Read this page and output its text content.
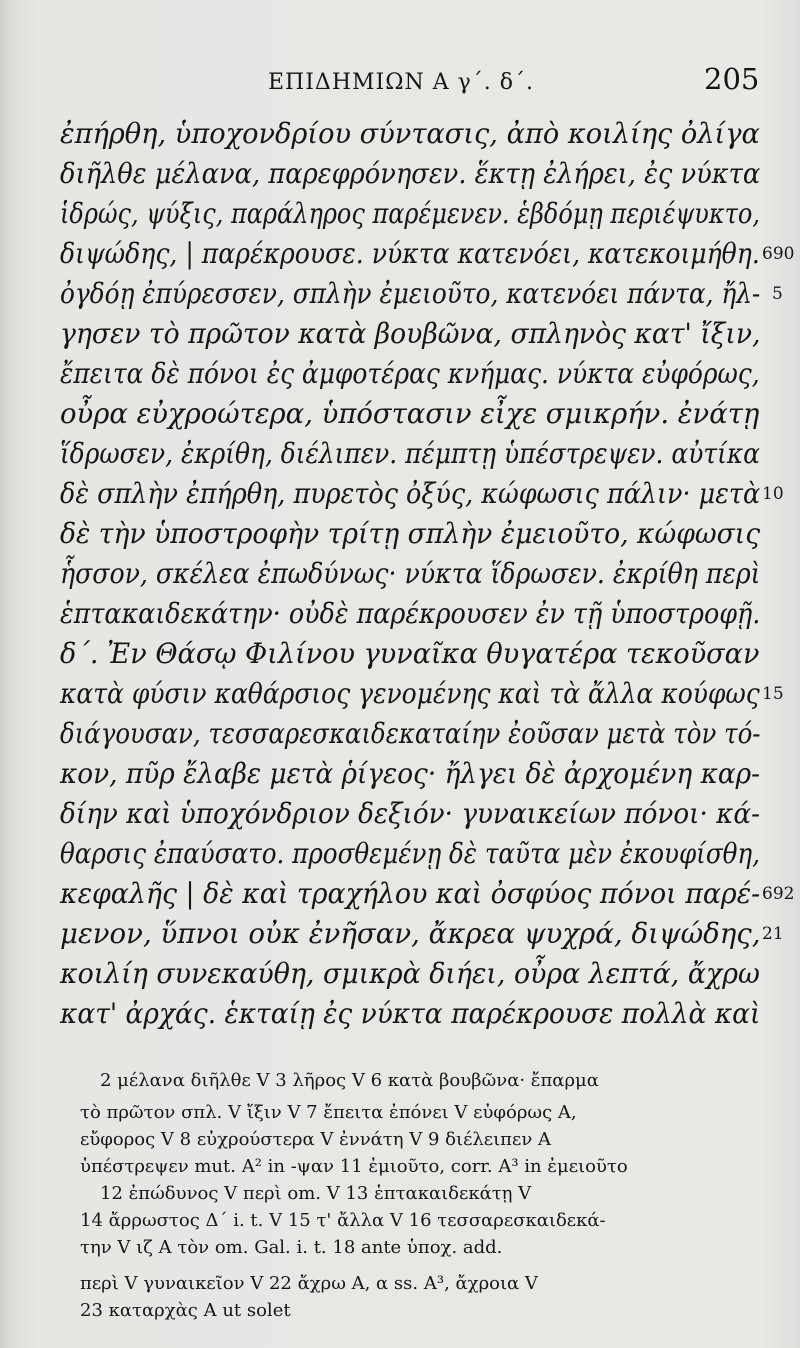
ΕΠΙΔΗΜΙΩΝ Α γ΄. δ΄.	205
ἐπήρθη, ὑποχονδρίου σύντασις, ἀπὸ κοιλίης ὀλίγα
διῆλθε μέλανα, παρεφρόνησεν. ἕκτῃ ἐλήρει, ἐς νύκτα
ἱδρώς, ψύξις, παράληρος παρέμενεν. ἑβδόμῃ περιέψυκτο,
διψώδης, | παρέκρουσε. νύκτα κατενόει, κατεκοιμήθη.
ὀγδόῃ ἐπύρεσσεν, σπλὴν ἐμειοῦτο, κατενόει πάντα, ἤλ-
γησεν τὸ πρῶτον κατὰ βουβῶνα, σπληνὸς κατ' ἴξιν,
ἔπειτα δὲ πόνοι ἐς ἀμφοτέρας κνήμας. νύκτα εὐφόρως,
οὖρα εὐχροώτερα, ὑπόστασιν εἶχε σμικρήν. ἐνάτῃ
ἵδρωσεν, ἐκρίθη, διέλιπεν. πέμπτῃ ὑπέστρεψεν. αὐτίκα
δὲ σπλὴν ἐπήρθη, πυρετὸς ὀξύς, κώφωσις πάλιν· μετὰ
δὲ τὴν ὑποστροφὴν τρίτῃ σπλὴν ἐμειοῦτο, κώφωσις
ἧσσον, σκέλεα ἐπωδύνως· νύκτα ἵδρωσεν. ἐκρίθη περὶ
ἑπτακαιδεκάτην· οὐδὲ παρέκρουσεν ἐν τῇ ὑποστροφῇ.
δ΄. Ἐν Θάσῳ Φιλίνου γυναῖκα θυγατέρα τεκοῦσαν
κατὰ φύσιν καθάρσιος γενομένης καὶ τὰ ἄλλα κούφως
διάγουσαν, τεσσαρεσκαιδεκαταίην ἐοῦσαν μετὰ τὸν τό-
κον, πῦρ ἔλαβε μετὰ ῥίγεος· ἤλγει δὲ ἀρχομένη καρ-
δίην καὶ ὑποχόνδριον δεξιόν· γυναικείων πόνοι· κά-
θαρσις ἐπαύσατο. προσθεμένῃ δὲ ταῦτα μὲν ἐκουφίσθη,
κεφαλῆς | δὲ καὶ τραχήλου καὶ ὀσφύος πόνοι παρέ-
μενον, ὕπνοι οὐκ ἐνῆσαν, ἄκρεα ψυχρά, διψώδης,
κοιλίη συνεκαύθη, σμικρὰ διήει, οὖρα λεπτά, ἄχρω
κατ' ἀρχάς. ἑκταίῃ ἐς νύκτα παρέκρουσε πολλὰ καὶ
690
5
10
15
692
21
2 μέλανα διῆλθε V 3 λῆρος V 6 κατὰ βουβῶνα· ἔπαρμα
τὸ πρῶτον σπλ. V ἴξιν V 7 ἔπειτα ἐπόνει V εὐφόρως A,
εὔφορος V 8 εὐχρούστερα V ἐννάτη V 9 διέλειπεν A
ὑπέστρεψεν mut. A² in -ψαν 11 ἐμιοῦτο, corr. A³ in ἐμειοῦτο
12 ἐπώδυνος V περὶ om. V 13 ἑπτακαιδεκάτῃ V
14 ἄρρωστος Δ΄ i. t. V 15 τ' ἄλλα V 16 τεσσαρεσκαιδεκά-
την V ιζ A τὸν om. Gal. i. t. 18 ante ὑποχ. add.
περὶ V γυναικεῖον V 22 ἄχρω A, α ss. A³, ἄχροια V
23 καταρχὰς A ut solet
